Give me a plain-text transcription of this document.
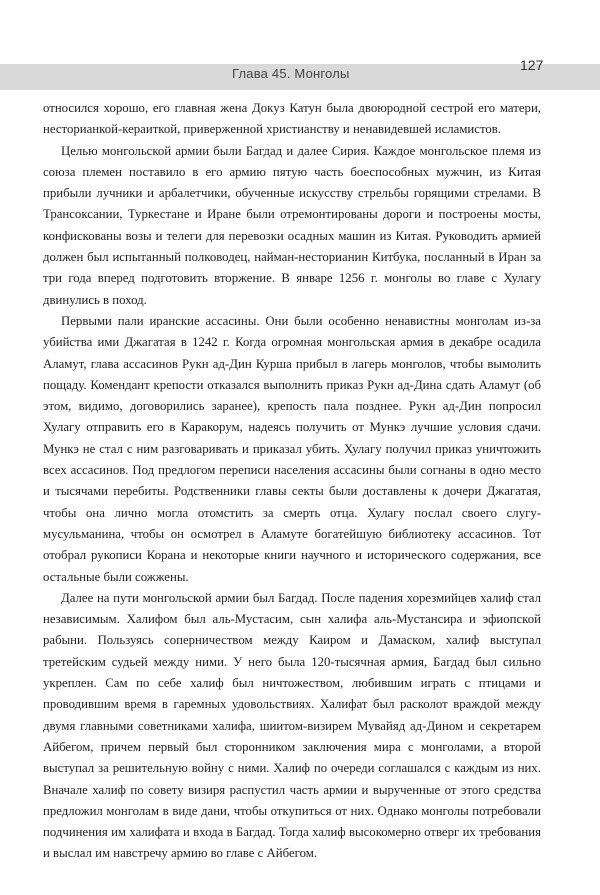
Глава 45. Монголы
127

относился хорошо, его главная жена Докуз Катун была двоюродной сестрой его матери, несторианкой-кераиткой, приверженной христианству и ненавидевшей исламистов.

Целью монгольской армии были Багдад и далее Сирия. Каждое монгольское племя из союза племен поставило в его армию пятую часть боеспособных мужчин, из Китая прибыли лучники и арбалетчики, обученные искусству стрельбы горящими стрелами. В Трансоксании, Туркестане и Иране были отремонтированы дороги и построены мосты, конфискованы возы и телеги для перевозки осадных машин из Китая. Руководить армией должен был испытанный полководец, найман-несторианин Китбука, посланный в Иран за три года вперед подготовить вторжение. В январе 1256 г. монголы во главе с Хулагу двинулись в поход.

Первыми пали иранские ассасины. Они были особенно ненавистны монголам из-за убийства ими Джагатая в 1242 г. Когда огромная монгольская армия в декабре осадила Аламут, глава ассасинов Рукн ад-Дин Курша прибыл в лагерь монголов, чтобы вымолить пощаду. Комендант крепости отказался выполнить приказ Рукн ад-Дина сдать Аламут (об этом, видимо, договорились заранее), крепость пала позднее. Рукн ад-Дин попросил Хулагу отправить его в Каракорум, надеясь получить от Мункэ лучшие условия сдачи. Мункэ не стал с ним разговаривать и приказал убить. Хулагу получил приказ уничтожить всех ассасинов. Под предлогом переписи населения ассасины были согнаны в одно место и тысячами перебиты. Родственники главы секты были доставлены к дочери Джагатая, чтобы она лично могла отомстить за смерть отца. Хулагу послал своего слугу-мусульманина, чтобы он осмотрел в Аламуте богатейшую библиотеку ассасинов. Тот отобрал рукописи Корана и некоторые книги научного и исторического содержания, все остальные были сожжены.

Далее на пути монгольской армии был Багдад. После падения хорезмийцев халиф стал независимым. Халифом был аль-Мустасим, сын халифа аль-Мустансира и эфиопской рабыни. Пользуясь соперничеством между Каиром и Дамаском, халиф выступал третейским судьей между ними. У него была 120-тысячная армия, Багдад был сильно укреплен. Сам по себе халиф был ничтожеством, любившим играть с птицами и проводившим время в гаремных удовольствиях. Халифат был расколот враждой между двумя главными советниками халифа, шиитом-визирем Мувайяд ад-Дином и секретарем Айбегом, причем первый был сторонником заключения мира с монголами, а второй выступал за решительную войну с ними. Халиф по очереди соглашался с каждым из них. Вначале халиф по совету визиря распустил часть армии и вырученные от этого средства предложил монголам в виде дани, чтобы откупиться от них. Однако монголы потребовали подчинения им халифата и входа в Багдад. Тогда халиф высокомерно отверг их требования и выслал им навстречу армию во главе с Айбегом.
